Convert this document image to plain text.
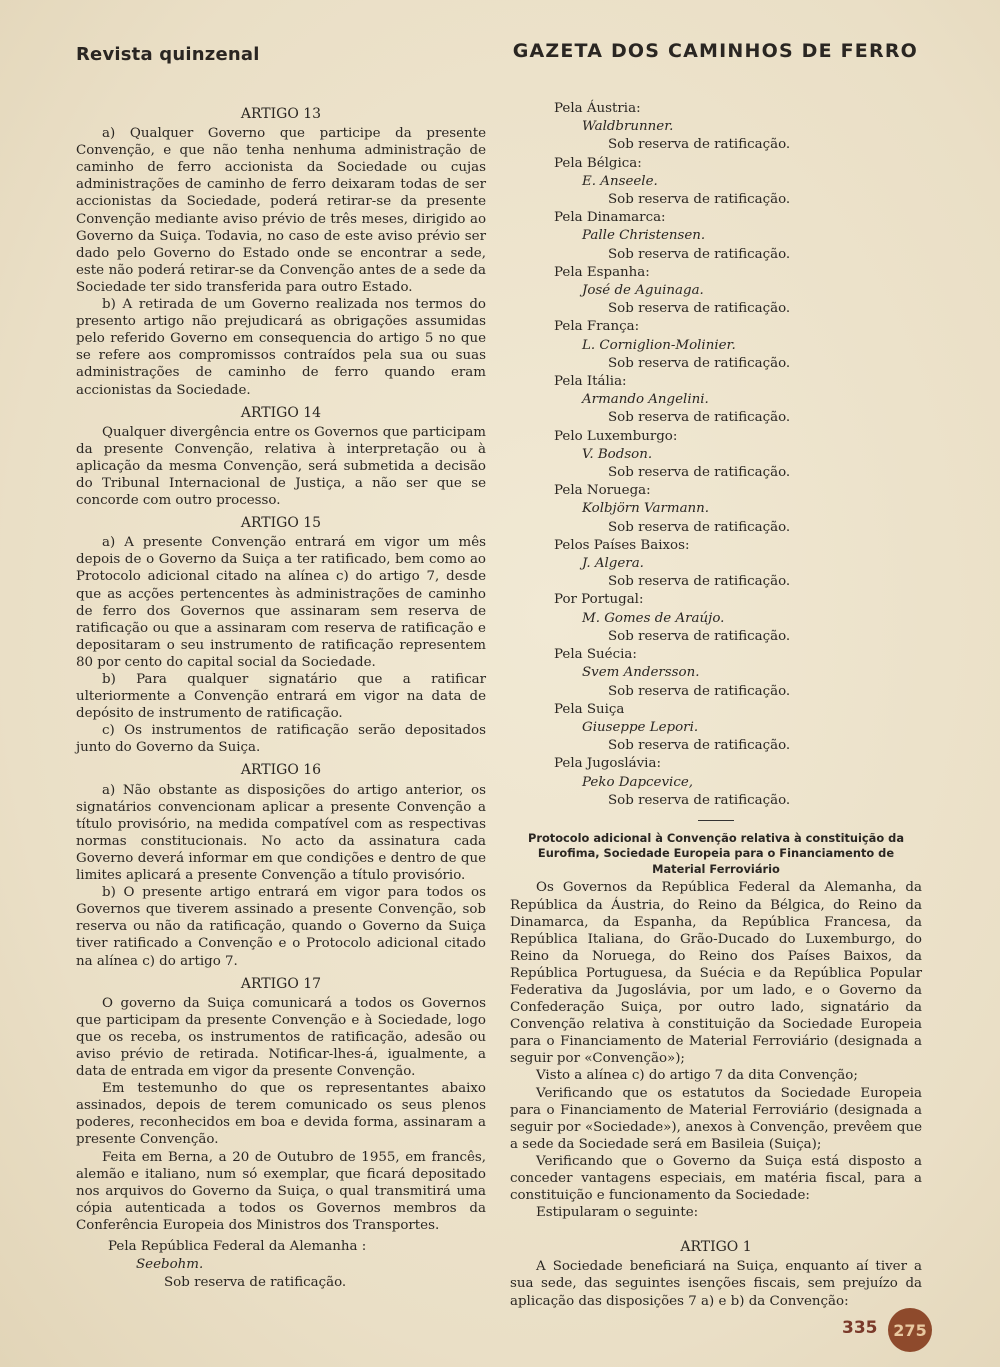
Revista quinzenal	GAZETA DOS CAMINHOS DE FERRO
ARTIGO 13

a) Qualquer Governo que participe da presente Convenção, e que não tenha nenhuma administração de caminho de ferro accionista da Sociedade ou cujas administrações de caminho de ferro deixaram todas de ser accionistas da Sociedade, poderá retirar-se da presente Convenção mediante aviso prévio de três meses, dirigido ao Governo da Suiça. Todavia, no caso de este aviso prévio ser dado pelo Governo do Estado onde se encontrar a sede, este não poderá retirar-se da Convenção antes de a sede da Sociedade ter sido transferida para outro Estado.

b) A retirada de um Governo realizada nos termos do presento artigo não prejudicará as obrigações assumidas pelo referido Governo em consequencia do artigo 5 no que se refere aos compromissos contraídos pela sua ou suas administrações de caminho de ferro quando eram accionistas da Sociedade.

ARTIGO 14

Qualquer divergência entre os Governos que participam da presente Convenção, relativa à interpretação ou à aplicação da mesma Convenção, será submetida a decisão do Tribunal Internacional de Justiça, a não ser que se concorde com outro processo.

ARTIGO 15

a) A presente Convenção entrará em vigor um mês depois de o Governo da Suiça a ter ratificado, bem como ao Protocolo adicional citado na alínea c) do artigo 7, desde que as acções pertencentes às administrações de caminho de ferro dos Governos que assinaram sem reserva de ratificação ou que a assinaram com reserva de ratificação e depositaram o seu instrumento de ratificação representem 80 por cento do capital social da Sociedade.

b) Para qualquer signatário que a ratificar ulteriormente a Convenção entrará em vigor na data de depósito de instrumento de ratificação.

c) Os instrumentos de ratificação serão depositados junto do Governo da Suiça.

ARTIGO 16

a) Não obstante as disposições do artigo anterior, os signatários convencionam aplicar a presente Convenção a título provisório, na medida compatível com as respectivas normas constitucionais. No acto da assinatura cada Governo deverá informar em que condições e dentro de que limites aplicará a presente Convenção a título provisório.

b) O presente artigo entrará em vigor para todos os Governos que tiverem assinado a presente Convenção, sob reserva ou não da ratificação, quando o Governo da Suiça tiver ratificado a Convenção e o Protocolo adicional citado na alínea c) do artigo 7.

ARTIGO 17

O governo da Suiça comunicará a todos os Governos que participam da presente Convenção e à Sociedade, logo que os receba, os instrumentos de ratificação, adesão ou aviso prévio de retirada. Notificar-lhes-á, igualmente, a data de entrada em vigor da presente Convenção.

Em testemunho do que os representantes abaixo assinados, depois de terem comunicado os seus plenos poderes, reconhecidos em boa e devida forma, assinaram a presente Convenção.

Feita em Berna, a 20 de Outubro de 1955, em francês, alemão e italiano, num só exemplar, que ficará depositado nos arquivos do Governo da Suiça, o qual transmitirá uma cópia autenticada a todos os Governos membros da Conferência Europeia dos Ministros dos Transportes.

Pela República Federal da Alemanha :
Seebohm.
Sob reserva de ratificação.
Pela Áustria:
Waldbrunner.
Sob reserva de ratificação.
Pela Bélgica:
E. Anseele.
Sob reserva de ratificação.
Pela Dinamarca:
Palle Christensen.
Sob reserva de ratificação.
Pela Espanha:
José de Aguinaga.
Sob reserva de ratificação.
Pela França:
L. Corniglion-Molinier.
Sob reserva de ratificação.
Pela Itália:
Armando Angelini.
Sob reserva de ratificação.
Pelo Luxemburgo:
V. Bodson.
Sob reserva de ratificação.
Pela Noruega:
Kolbjörn Varmann.
Sob reserva de ratificação.
Pelos Países Baixos:
J. Algera.
Sob reserva de ratificação.
Por Portugal:
M. Gomes de Araújo.
Sob reserva de ratificação.
Pela Suécia:
Svem Andersson.
Sob reserva de ratificação.
Pela Suiça
Giuseppe Lepori.
Sob reserva de ratificação.
Pela Jugoslávia:
Peko Dapcevice,
Sob reserva de ratificação.
Protocolo adicional à Convenção relativa à constituição da Eurofima, Sociedade Europeia para o Financiamento de Material Ferroviário

Os Governos da República Federal da Alemanha, da República da Áustria, do Reino da Bélgica, do Reino da Dinamarca, da Espanha, da República Francesa, da República Italiana, do Grão-Ducado do Luxemburgo, do Reino da Noruega, do Reino dos Países Baixos, da República Portuguesa, da Suécia e da República Popular Federativa da Jugoslávia, por um lado, e o Governo da Confederação Suiça, por outro lado, signatário da Convenção relativa à constituição da Sociedade Europeia para o Financiamento de Material Ferroviário (designada a seguir por «Convenção»);

Visto a alínea c) do artigo 7 da dita Convenção;

Verificando que os estatutos da Sociedade Europeia para o Financiamento de Material Ferroviário (designada a seguir por «Sociedade»), anexos à Convenção, prevêem que a sede da Sociedade será em Basileia (Suiça);

Verificando que o Governo da Suiça está disposto a conceder vantagens especiais, em matéria fiscal, para a constituição e funcionamento da Sociedade:

Estipularam o seguinte:

ARTIGO 1

A Sociedade beneficiará na Suiça, enquanto aí tiver a sua sede, das seguintes isenções fiscais, sem prejuízo da aplicação das disposições 7 a) e b) da Convenção:

335 275
